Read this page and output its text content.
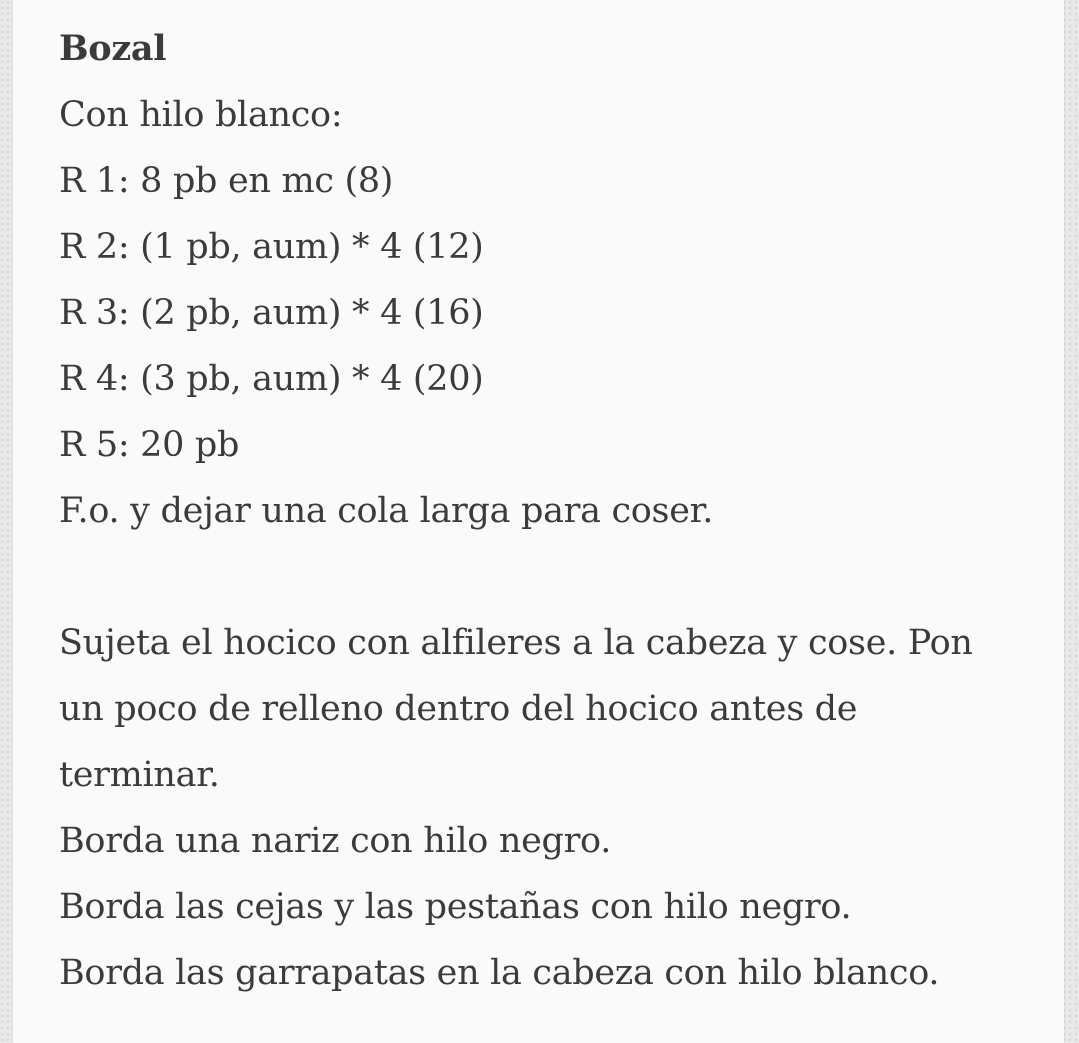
Bozal
Con hilo blanco:
R 1: 8 pb en mc (8)
R 2: (1 pb, aum) * 4 (12)
R 3: (2 pb, aum) * 4 (16)
R 4: (3 pb, aum) * 4 (20)
R 5: 20 pb
F.o. y dejar una cola larga para coser.
Sujeta el hocico con alfileres a la cabeza y cose. Pon
un poco de relleno dentro del hocico antes de
terminar.
Borda una nariz con hilo negro.
Borda las cejas y las pestañas con hilo negro.
Borda las garrapatas en la cabeza con hilo blanco.
